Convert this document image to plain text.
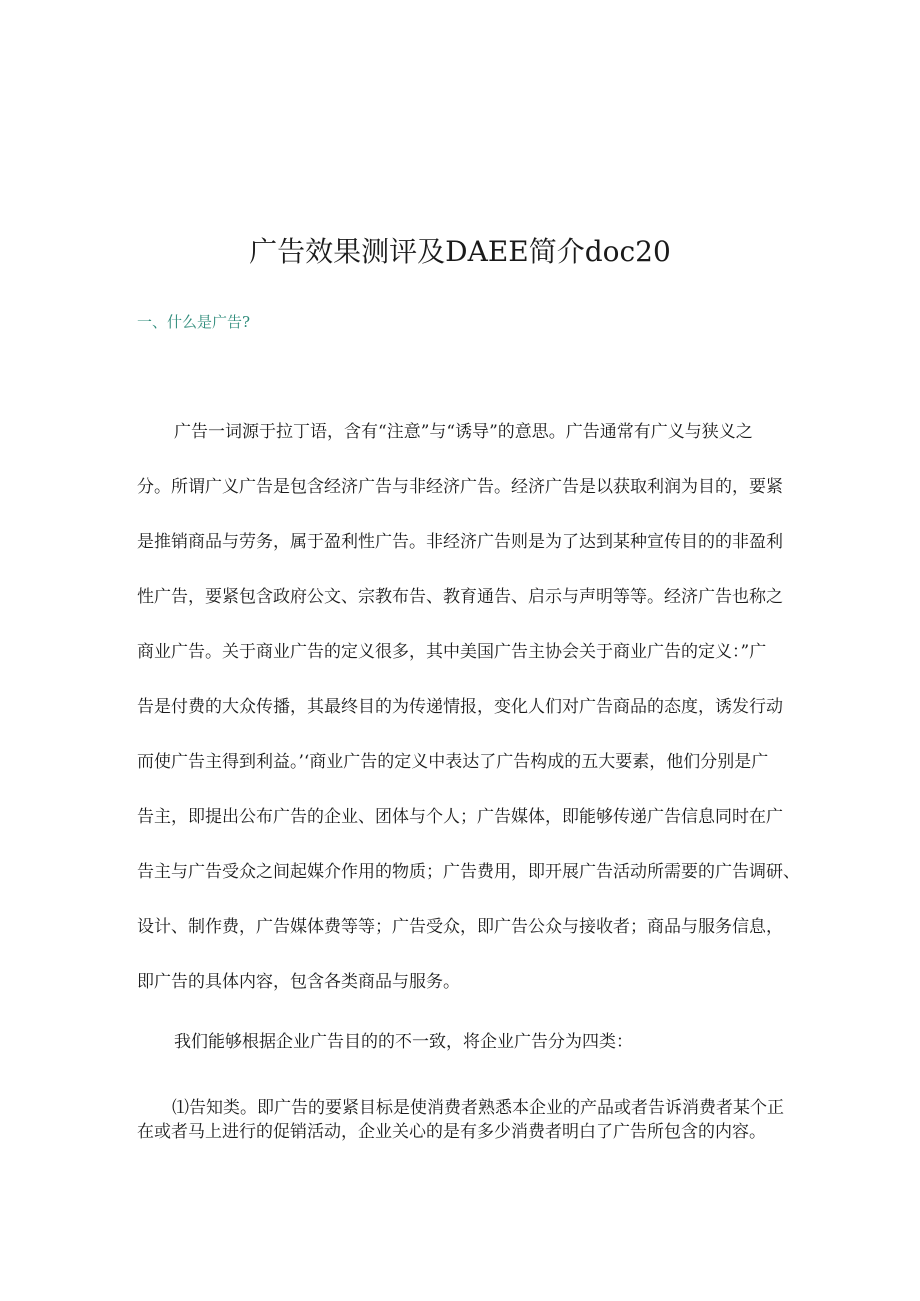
广告效果测评及DAEE简介doc20
一、什么是广告?
广告一词源于拉丁语，含有“注意”与“诱导”的意思。广告通常有广义与狭义之
分。所谓广义广告是包含经济广告与非经济广告。经济广告是以获取利润为目的，要紧
是推销商品与劳务，属于盈利性广告。非经济广告则是为了达到某种宣传目的的非盈利
性广告，要紧包含政府公文、宗教布告、教育通告、启示与声明等等。经济广告也称之
商业广告。关于商业广告的定义很多，其中美国广告主协会关于商业广告的定义：”广
告是付费的大众传播，其最终目的为传递情报，变化人们对广告商品的态度，诱发行动
而使广告主得到利益。’‘商业广告的定义中表达了广告构成的五大要素，他们分别是广
告主，即提出公布广告的企业、团体与个人；广告媒体，即能够传递广告信息同时在广
告主与广告受众之间起媒介作用的物质；广告费用，即开展广告活动所需要的广告调研、
设计、制作费，广告媒体费等等；广告受众，即广告公众与接收者；商品与服务信息，
即广告的具体内容，包含各类商品与服务。
我们能够根据企业广告目的的不一致，将企业广告分为四类：
⑴告知类。即广告的要紧目标是使消费者熟悉本企业的产品或者告诉消费者某个正
在或者马上进行的促销活动，企业关心的是有多少消费者明白了广告所包含的内容。
